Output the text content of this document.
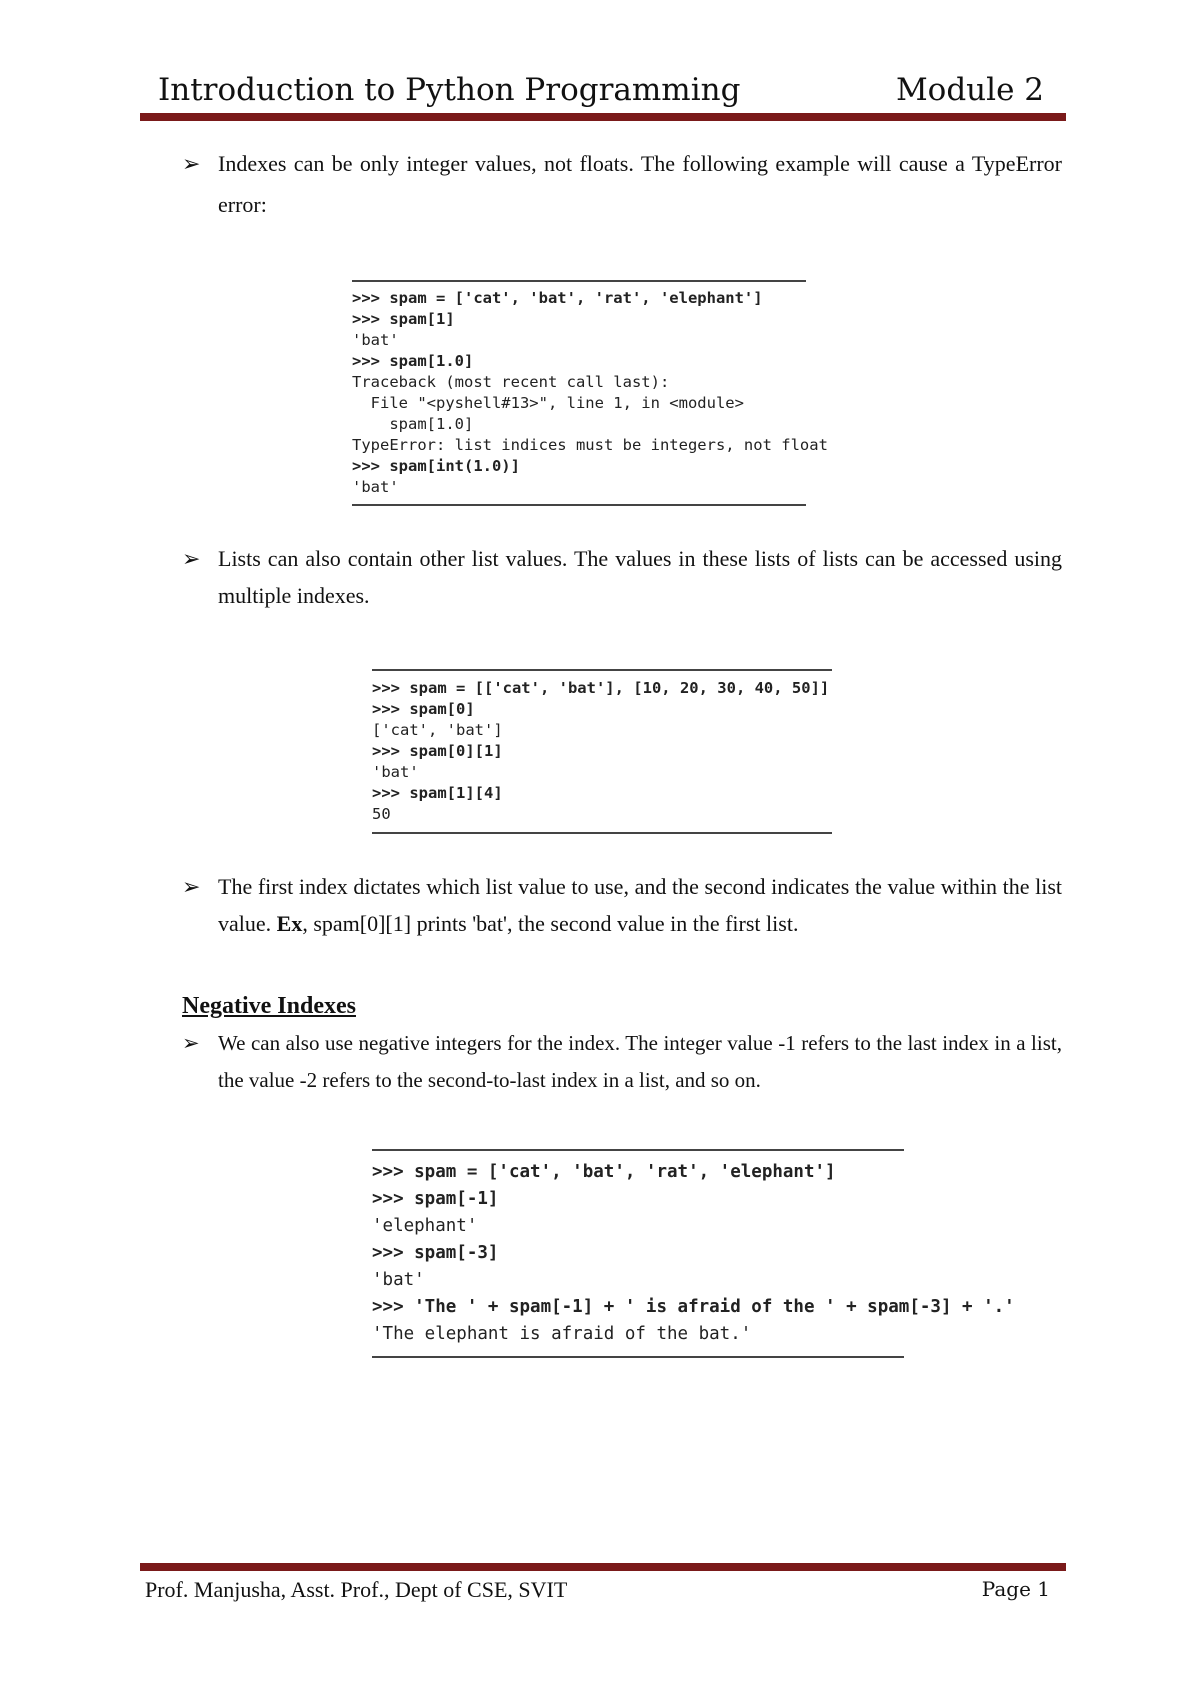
Introduction to Python Programming	Module 2
➢ Indexes can be only integer values, not floats. The following example will cause a TypeError error:
>>> spam = ['cat', 'bat', 'rat', 'elephant']
>>> spam[1]
'bat'
>>> spam[1.0]
Traceback (most recent call last):
File "<pyshell#13>", line 1, in <module>
spam[1.0]
TypeError: list indices must be integers, not float
>>> spam[int(1.0)]
'bat'
➢ Lists can also contain other list values. The values in these lists of lists can be accessed using multiple indexes.
>>> spam = [['cat', 'bat'], [10, 20, 30, 40, 50]]
>>> spam[0]
['cat', 'bat']
>>> spam[0][1]
'bat'
>>> spam[1][4]
50
➢ The first index dictates which list value to use, and the second indicates the value within the list value. Ex, spam[0][1] prints 'bat', the second value in the first list.
Negative Indexes
➢ We can also use negative integers for the index. The integer value -1 refers to the last index in a list, the value -2 refers to the second-to-last index in a list, and so on.
>>> spam = ['cat', 'bat', 'rat', 'elephant']
>>> spam[-1]
'elephant'
>>> spam[-3]
'bat'
>>> 'The ' + spam[-1] + ' is afraid of the ' + spam[-3] + '.'
'The elephant is afraid of the bat.'
Prof. Manjusha, Asst. Prof., Dept of CSE, SVIT	Page 1
